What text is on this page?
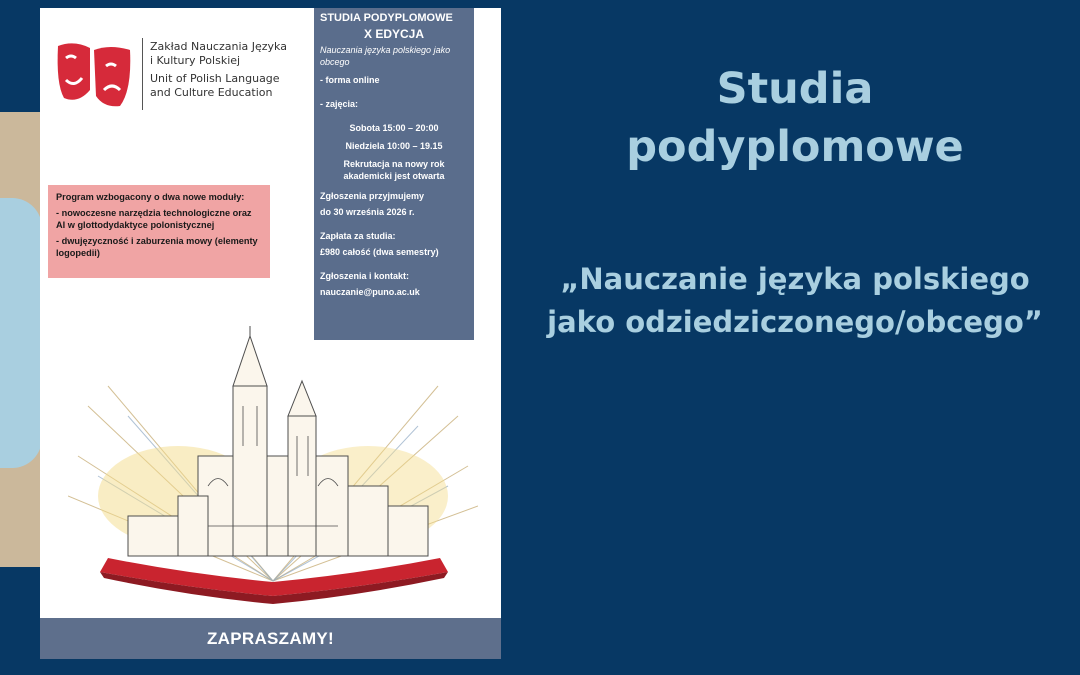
Zakład Nauczania Języka
i Kultury Polskiej
Unit of Polish Language
and Culture Education
STUDIA PODYPLOMOWE
X EDYCJA
Nauczania języka polskiego jako obcego
- forma online
- zajęcia:
Sobota 15:00 – 20:00
Niedziela 10:00 – 19.15
Rekrutacja na nowy rok akademicki jest otwarta
Zgłoszenia przyjmujemy
do 30 września 2026 r.
Zapłata za studia:
£980 całość (dwa semestry)
Zgłoszenia i kontakt:
nauczanie@puno.ac.uk
Program wzbogacony o dwa nowe moduły:
- nowoczesne narzędzia technologiczne oraz AI w glottodydaktyce polonistycznej
- dwujęzyczność i zaburzenia mowy (elementy logopedii)
ZAPRASZAMY!
Studia
podyplomowe
„Nauczanie języka polskiego
jako odziedziczonego/obcego”
